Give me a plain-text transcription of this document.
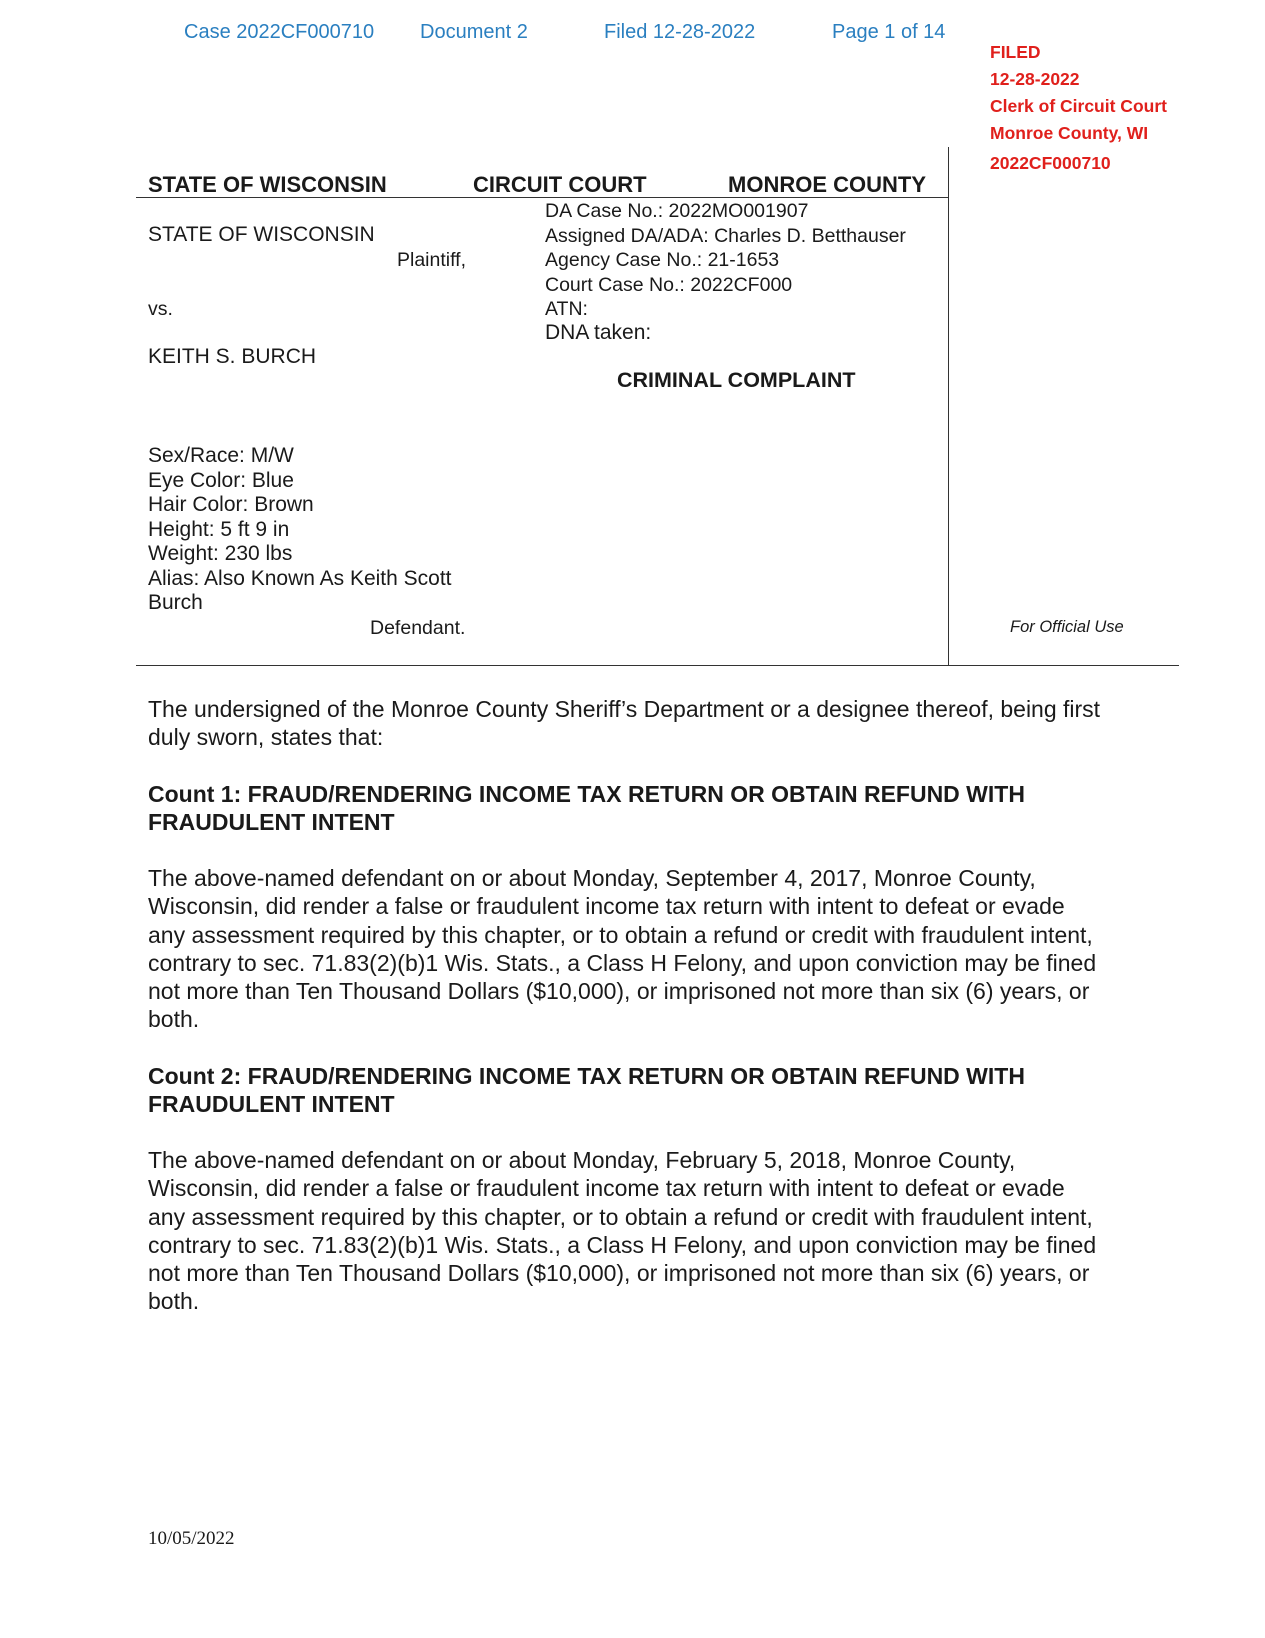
Case 2022CF000710 Document 2	Filed 12-28-2022	Page 1 of 14
FILED
12-28-2022
Clerk of Circuit Court
Monroe County, WI
2022CF000710
STATE OF WISCONSIN	CIRCUIT COURT	MONROE COUNTY
STATE OF WISCONSIN
Plaintiff,
vs.
KEITH S. BURCH
Sex/Race: M/W
Eye Color: Blue
Hair Color: Brown
Height: 5 ft 9 in
Weight: 230 lbs
Alias: Also Known As Keith Scott
Burch
Defendant.
DA Case No.: 2022MO001907
Assigned DA/ADA: Charles D. Betthauser
Agency Case No.: 21-1653
Court Case No.: 2022CF000
ATN:
DNA taken:
CRIMINAL COMPLAINT
For Official Use
The undersigned of the Monroe County Sheriff’s Department or a designee thereof, being first duly sworn, states that:
Count 1: FRAUD/RENDERING INCOME TAX RETURN OR OBTAIN REFUND WITH FRAUDULENT INTENT
The above-named defendant on or about Monday, September 4, 2017, Monroe County, Wisconsin, did render a false or fraudulent income tax return with intent to defeat or evade any assessment required by this chapter, or to obtain a refund or credit with fraudulent intent, contrary to sec. 71.83(2)(b)1 Wis. Stats., a Class H Felony, and upon conviction may be fined not more than Ten Thousand Dollars ($10,000), or imprisoned not more than six (6) years, or both.
Count 2: FRAUD/RENDERING INCOME TAX RETURN OR OBTAIN REFUND WITH FRAUDULENT INTENT
The above-named defendant on or about Monday, February 5, 2018, Monroe County, Wisconsin, did render a false or fraudulent income tax return with intent to defeat or evade any assessment required by this chapter, or to obtain a refund or credit with fraudulent intent, contrary to sec. 71.83(2)(b)1 Wis. Stats., a Class H Felony, and upon conviction may be fined not more than Ten Thousand Dollars ($10,000), or imprisoned not more than six (6) years, or both.
10/05/2022
